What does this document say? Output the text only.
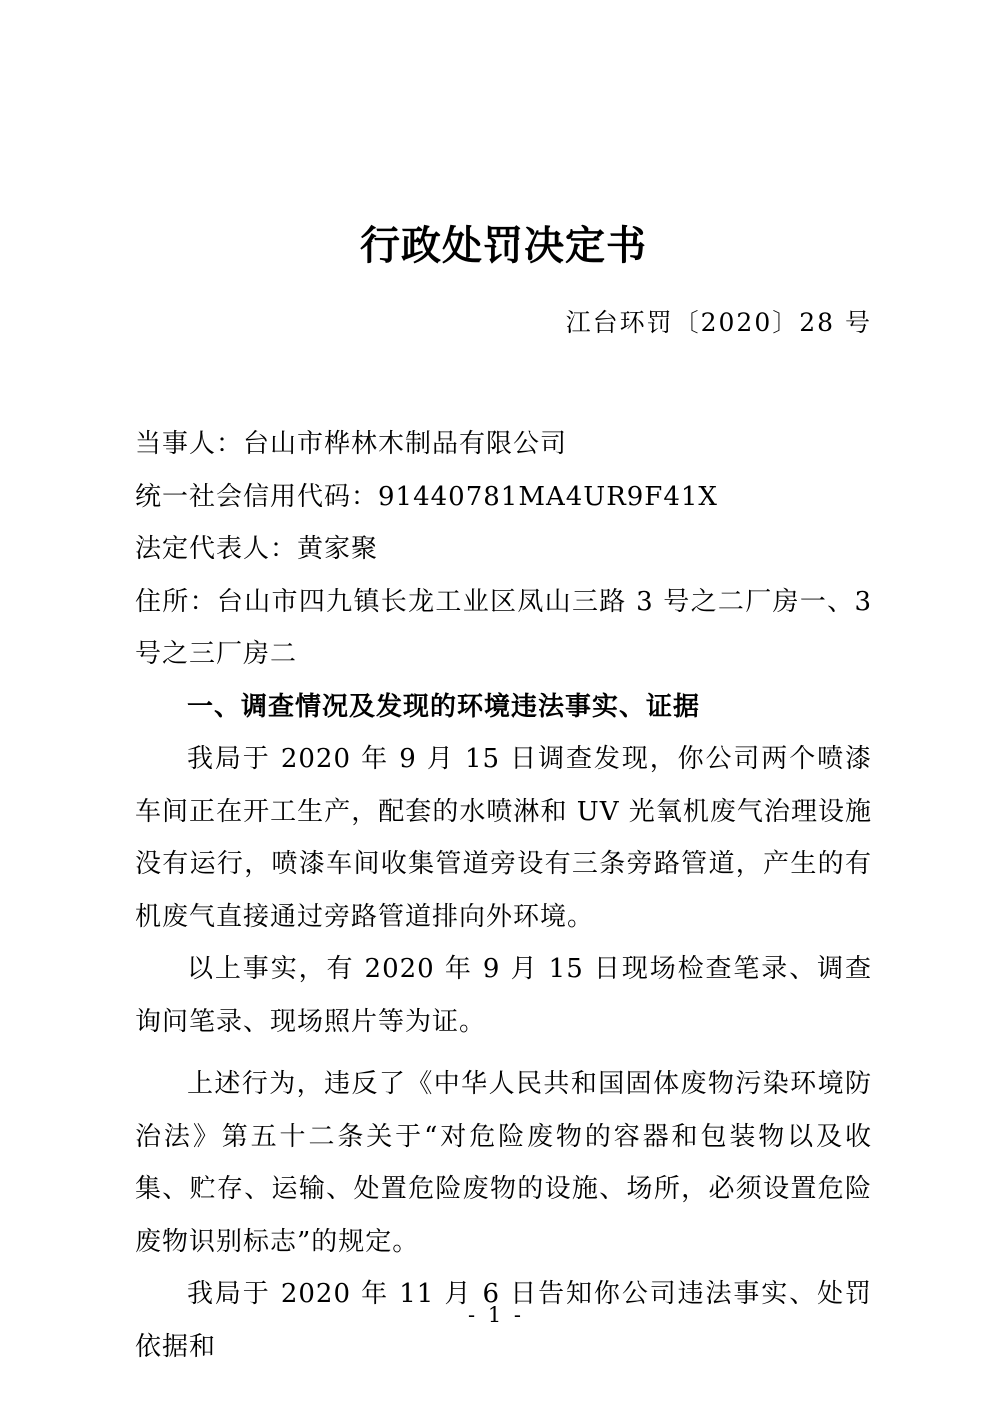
行政处罚决定书
江台环罚〔2020〕28 号

当事人：台山市桦林木制品有限公司

统一社会信用代码：91440781MA4UR9F41X

法定代表人：黄家聚

住所：台山市四九镇长龙工业区凤山三路 3 号之二厂房一、3 号之三厂房二

一、调查情况及发现的环境违法事实、证据

我局于 2020 年 9 月 15 日调查发现，你公司两个喷漆车间正在开工生产，配套的水喷淋和 UV 光氧机废气治理设施没有运行，喷漆车间收集管道旁设有三条旁路管道，产生的有机废气直接通过旁路管道排向外环境。

以上事实，有 2020 年 9 月 15 日现场检查笔录、调查询问笔录、现场照片等为证。

上述行为，违反了《中华人民共和国固体废物污染环境防治法》第五十二条关于“对危险废物的容器和包装物以及收集、贮存、运输、处置危险废物的设施、场所，必须设置危险废物识别标志”的规定。

我局于 2020 年 11 月 6 日告知你公司违法事实、处罚依据和

- 1 -
